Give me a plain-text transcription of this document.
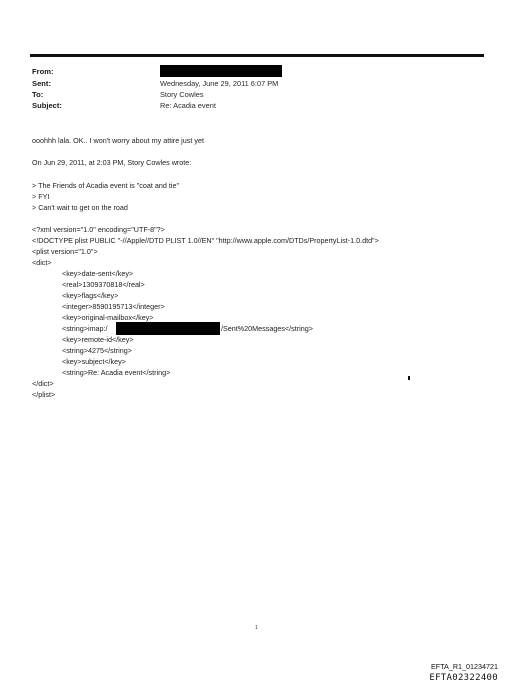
From:
Sent:	Wednesday, June 29, 2011 6:07 PM
To:	Story Cowles
Subject:	Re: Acadia event
ooohhh lala. OK.. I won't worry about my attire just yet
On Jun 29, 2011, at 2:03 PM, Story Cowles wrote:
> The Friends of Acadia event is "coat and tie"
> FYI
> Can't wait to get on the road
<?xml version="1.0" encoding="UTF-8"?>
<!DOCTYPE plist PUBLIC "-//Apple//DTD PLIST 1.0//EN" "http://www.apple.com/DTDs/PropertyList-1.0.dtd">
<plist version="1.0">
<dict>
<key>date-sent</key>
<real>1309370818</real>
<key>flags</key>
<integer>8590195713</integer>
<key>original-mailbox</key>
<string>imap:/	/Sent%20Messages</string>
<key>remote-id</key>
<string>4275</string>
<key>subject</key>
<string>Re: Acadia event</string>
</dict>
</plist>
1
EFTA_R1_01234721
EFTA02322400
